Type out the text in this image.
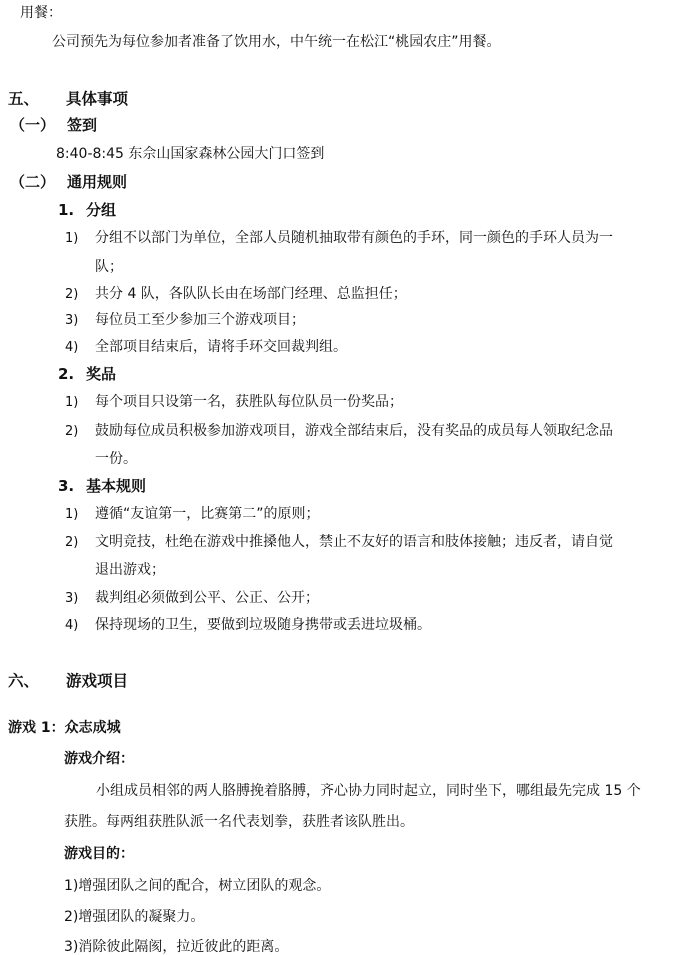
用餐：
公司预先为每位参加者准备了饮用水，中午统一在松江“桃园农庄”用餐。
五、 具体事项
（一） 签到
8:40-8:45 东佘山国家森林公园大门口签到
（二） 通用规则
1. 分组
1) 分组不以部门为单位，全部人员随机抽取带有颜色的手环，同一颜色的手环人员为一
队；
2) 共分 4 队，各队队长由在场部门经理、总监担任；
3) 每位员工至少参加三个游戏项目；
4) 全部项目结束后，请将手环交回裁判组。
2. 奖品
1) 每个项目只设第一名，获胜队每位队员一份奖品；
2) 鼓励每位成员积极参加游戏项目，游戏全部结束后，没有奖品的成员每人领取纪念品
一份。
3. 基本规则
1) 遵循“友谊第一，比赛第二”的原则；
2) 文明竞技，杜绝在游戏中推搡他人，禁止不友好的语言和肢体接触；违反者，请自觉
退出游戏；
3) 裁判组必须做到公平、公正、公开；
4) 保持现场的卫生，要做到垃圾随身携带或丢进垃圾桶。
六、 游戏项目
游戏 1：众志成城
游戏介绍：
小组成员相邻的两人胳膊挽着胳膊，齐心协力同时起立，同时坐下，哪组最先完成 15 个
获胜。每两组获胜队派一名代表划拳，获胜者该队胜出。
游戏目的：
1)增强团队之间的配合，树立团队的观念。
2)增强团队的凝聚力。
3)消除彼此隔阂，拉近彼此的距离。
